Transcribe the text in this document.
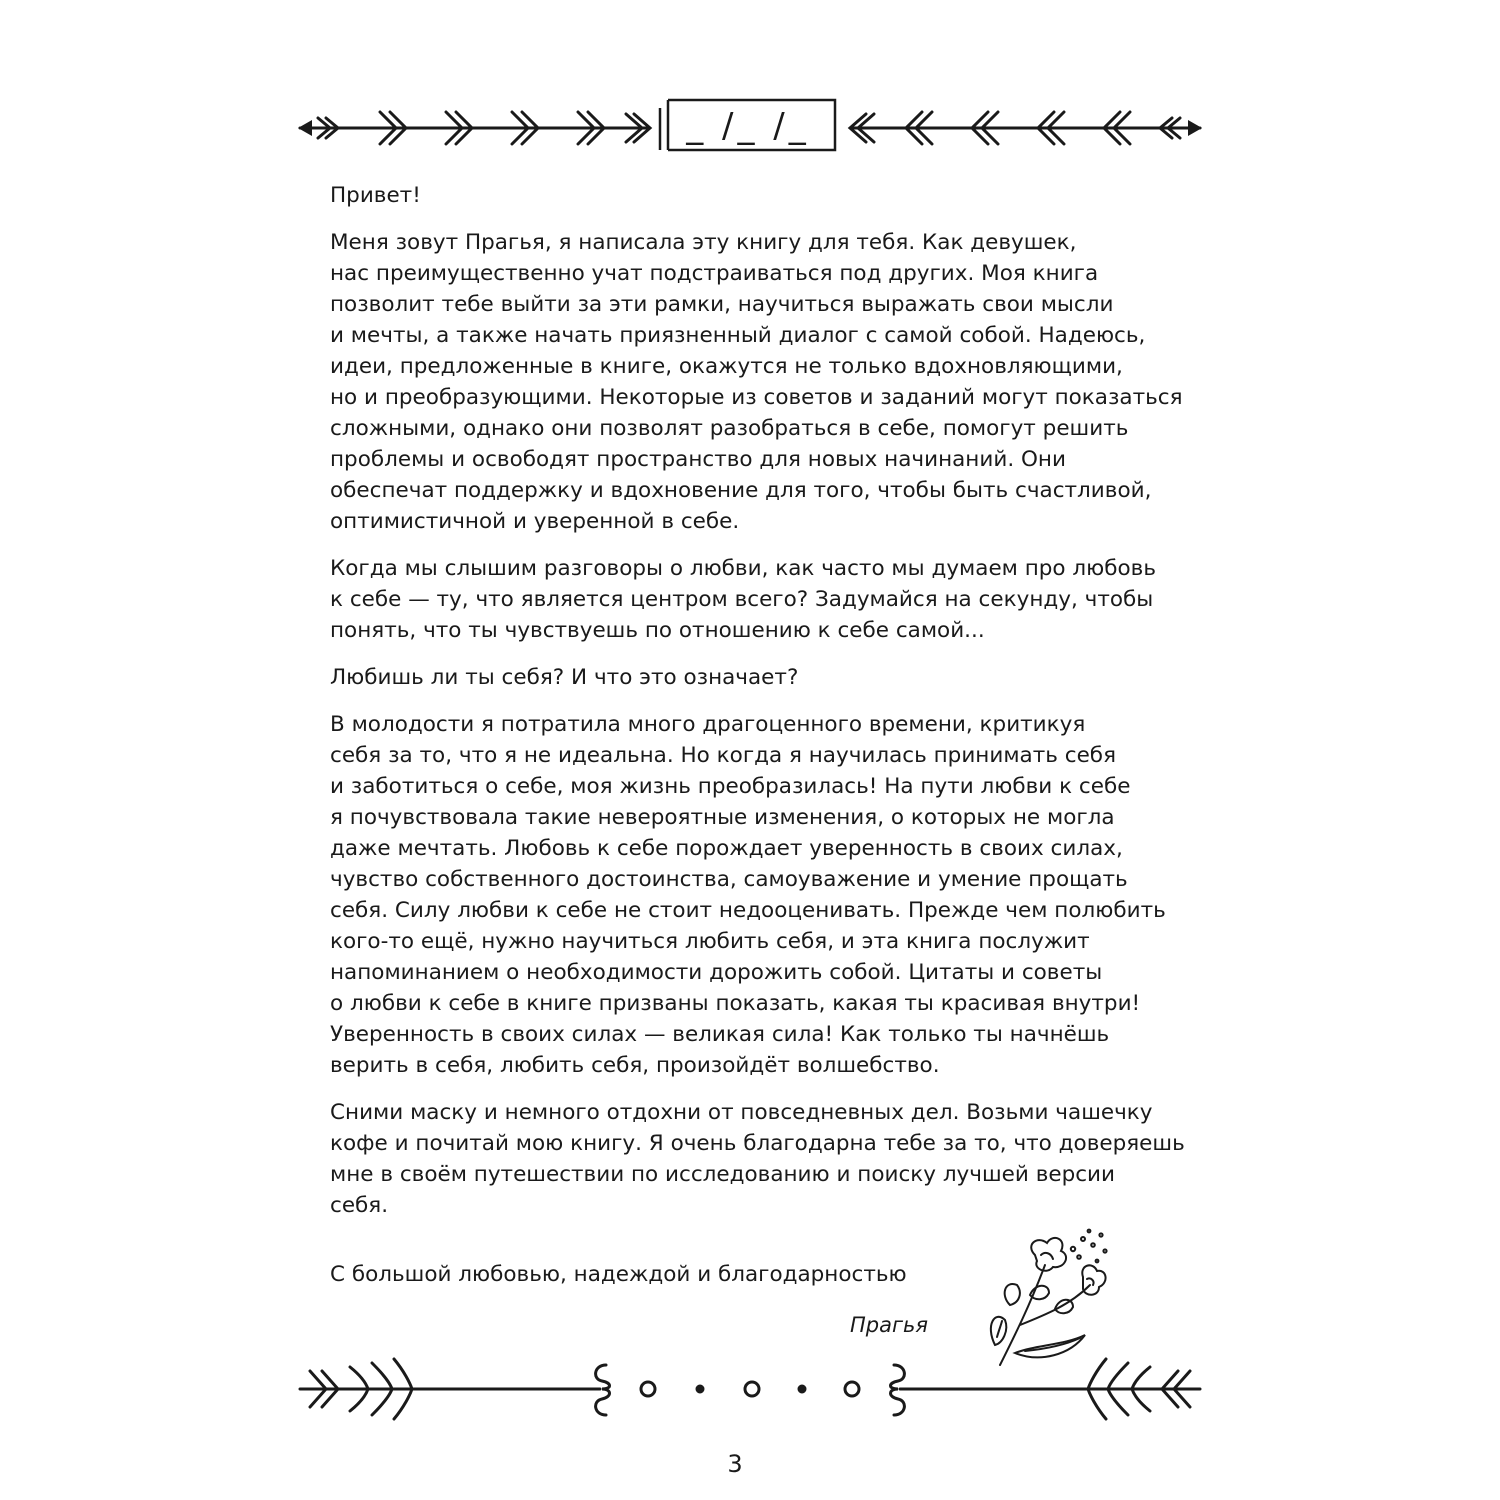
_ /_ /_

Привет!

Меня зовут Прагья, я написала эту книгу для тебя. Как девушек,
нас преимущественно учат подстраиваться под других. Моя книга
позволит тебе выйти за эти рамки, научиться выражать свои мысли
и мечты, а также начать приязненный диалог с самой собой. Надеюсь,
идеи, предложенные в книге, окажутся не только вдохновляющими,
но и преобразующими. Некоторые из советов и заданий могут показаться
сложными, однако они позволят разобраться в себе, помогут решить
проблемы и освободят пространство для новых начинаний. Они
обеспечат поддержку и вдохновение для того, чтобы быть счастливой,
оптимистичной и уверенной в себе.

Когда мы слышим разговоры о любви, как часто мы думаем про любовь
к себе — ту, что является центром всего? Задумайся на секунду, чтобы
понять, что ты чувствуешь по отношению к себе самой...

Любишь ли ты себя? И что это означает?

В молодости я потратила много драгоценного времени, критикуя
себя за то, что я не идеальна. Но когда я научилась принимать себя
и заботиться о себе, моя жизнь преобразилась! На пути любви к себе
я почувствовала такие невероятные изменения, о которых не могла
даже мечтать. Любовь к себе порождает уверенность в своих силах,
чувство собственного достоинства, самоуважение и умение прощать
себя. Силу любви к себе не стоит недооценивать. Прежде чем полюбить
кого-то ещё, нужно научиться любить себя, и эта книга послужит
напоминанием о необходимости дорожить собой. Цитаты и советы
о любви к себе в книге призваны показать, какая ты красивая внутри!
Уверенность в своих силах — великая сила! Как только ты начнёшь
верить в себя, любить себя, произойдёт волшебство.

Сними маску и немного отдохни от повседневных дел. Возьми чашечку
кофе и почитай мою книгу. Я очень благодарна тебе за то, что доверяешь
мне в своём путешествии по исследованию и поиску лучшей версии
себя.

С большой любовью, надеждой и благодарностью
Прагья
3
